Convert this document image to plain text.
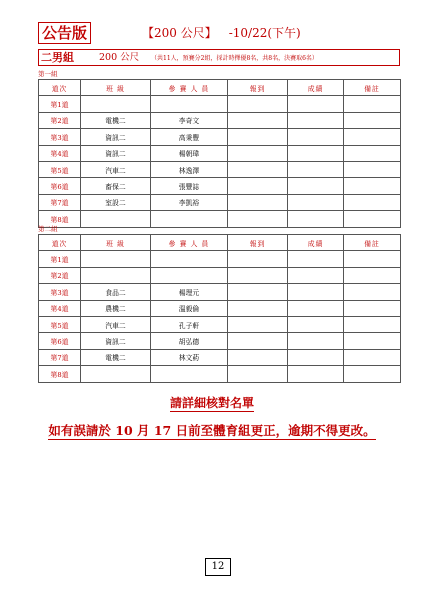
公告版	【200 公尺】 -10/22(下午)
二男組	200 公尺 （共11人，預賽分2組，採計時擇優8名，共8名，決賽取6名）
第一組
道次	班 級	參 賽 人 員	報到	成績	備註
第1道					
第2道	電機二	李奇文			
第3道	資訊二	高秉豐			
第4道	資訊二	楊朝瑋			
第5道	汽車二	林逸澤			
第6道	畜保二	張豐誌			
第7道	室設二	李凱裕			
第8道					
第二組
道次	班 級	參 賽 人 員	報到	成績	備註
第1道					
第2道					
第3道	食品二	楊理元			
第4道	農機二	溫毅倫			
第5道	汽車二	孔子軒			
第6道	資訊二	胡弘德			
第7道	電機二	林文葯			
第8道					
請詳細核對名單
如有誤請於 10 月 17 日前至體育組更正，逾期不得更改。
12
